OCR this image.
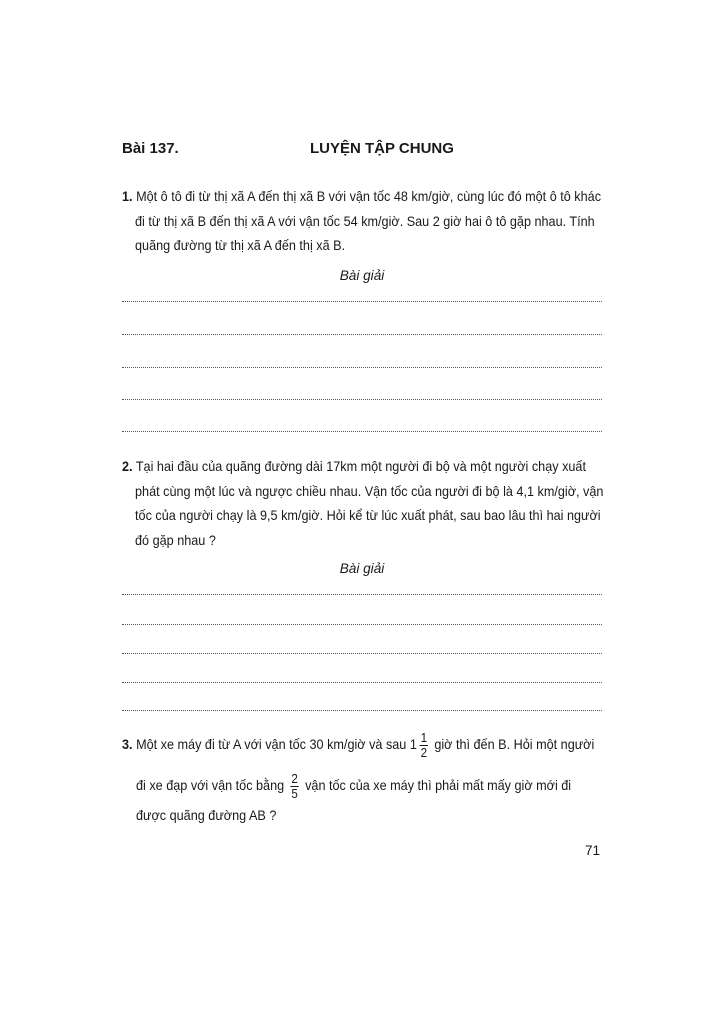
Bài 137.	LUYỆN TẬP CHUNG

1. Một ô tô đi từ thị xã A đến thị xã B với vận tốc 48 km/giờ, cùng lúc đó một ô tô khác đi từ thị xã B đến thị xã A với vận tốc 54 km/giờ. Sau 2 giờ hai ô tô gặp nhau. Tính quãng đường từ thị xã A đến thị xã B.

Bài giải

2. Tại hai đầu của quãng đường dài 17km một người đi bộ và một người chạy xuất phát cùng một lúc và ngược chiều nhau. Vận tốc của người đi bộ là 4,1 km/giờ, vận tốc của người chạy là 9,5 km/giờ. Hỏi kể từ lúc xuất phát, sau bao lâu thì hai người đó gặp nhau ?

Bài giải
3. Một xe máy đi từ A với vận tốc 30 km/giờ và sau $1 \frac{1}{2}$ giờ thì đến B. Hỏi một người
đi xe đạp với vận tốc bằng $\frac{2}{5}$ vận tốc của xe máy thì phải mất mấy giờ mới đi
được quãng đường AB ?
71
